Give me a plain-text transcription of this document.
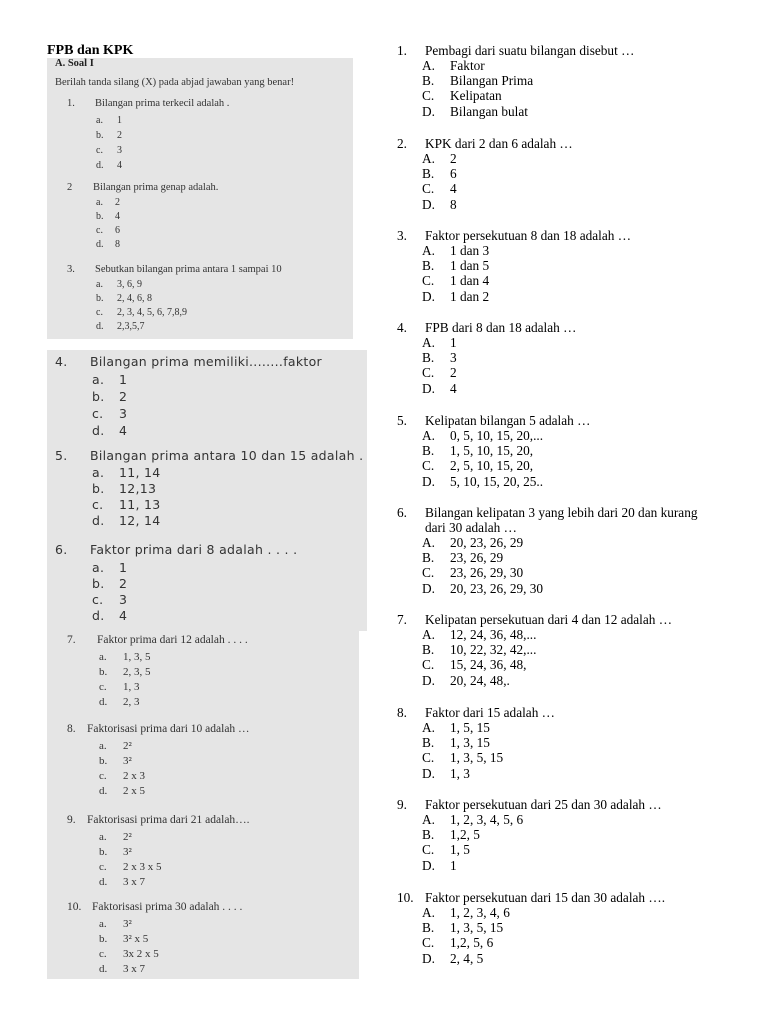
FPB dan KPK
A. Soal I
Berilah tanda silang (X) pada abjad jawaban yang benar!
1. Bilangan prima terkecil adalah .
a. 1
b. 2
c. 3
d. 4
2 Bilangan prima genap adalah.
a. 2
b. 4
c. 6
d. 8
3. Sebutkan bilangan prima antara 1 sampai 10
a. 3, 6, 9
b. 2, 4, 6, 8
c. 2, 3, 4, 5, 6, 7,8,9
d. 2,3,5,7
4. Bilangan prima memiliki........faktor
a. 1
b. 2
c. 3
d. 4
5. Bilangan prima antara 10 dan 15 adalah .
a. 11, 14
b. 12,13
c. 11, 13
d. 12, 14
6. Faktor prima dari 8 adalah . . . .
a. 1
b. 2
c. 3
d. 4
7. Faktor prima dari 12 adalah . . . .
a. 1, 3, 5
b. 2, 3, 5
c. 1, 3
d. 2, 3
8. Faktorisasi prima dari 10 adalah …
a. 2²
b. 3²
c. 2 x 3
d. 2 x 5
9. Faktorisasi prima dari 21 adalah….
a. 2²
b. 3²
c. 2 x 3 x 5
d. 3 x 7
10. Faktorisasi prima 30 adalah . . . .
a. 3²
b. 3² x 5
c. 3x 2 x 5
d. 3 x 7
1. Pembagi dari suatu bilangan disebut …
A. Faktor
B. Bilangan Prima
C. Kelipatan
D. Bilangan bulat
2. KPK dari 2 dan 6 adalah …
A. 2
B. 6
C. 4
D. 8
3. Faktor persekutuan 8 dan 18 adalah …
A. 1 dan 3
B. 1 dan 5
C. 1 dan 4
D. 1 dan 2
4. FPB dari 8 dan 18 adalah …
A. 1
B. 3
C. 2
D. 4
5. Kelipatan bilangan 5 adalah …
A. 0, 5, 10, 15, 20,...
B. 1, 5, 10, 15, 20,
C. 2, 5, 10, 15, 20,
D. 5, 10, 15, 20, 25..
6. Bilangan kelipatan 3 yang lebih dari 20 dan kurang
dari 30 adalah …
A. 20, 23, 26, 29
B. 23, 26, 29
C. 23, 26, 29, 30
D. 20, 23, 26, 29, 30
7. Kelipatan persekutuan dari 4 dan 12 adalah …
A. 12, 24, 36, 48,...
B. 10, 22, 32, 42,...
C. 15, 24, 36, 48,
D. 20, 24, 48,.
8. Faktor dari 15 adalah …
A. 1, 5, 15
B. 1, 3, 15
C. 1, 3, 5, 15
D. 1, 3
9. Faktor persekutuan dari 25 dan 30 adalah …
A. 1, 2, 3, 4, 5, 6
B. 1,2, 5
C. 1, 5
D. 1
10. Faktor persekutuan dari 15 dan 30 adalah ….
A. 1, 2, 3, 4, 6
B. 1, 3, 5, 15
C. 1,2, 5, 6
D. 2, 4, 5
